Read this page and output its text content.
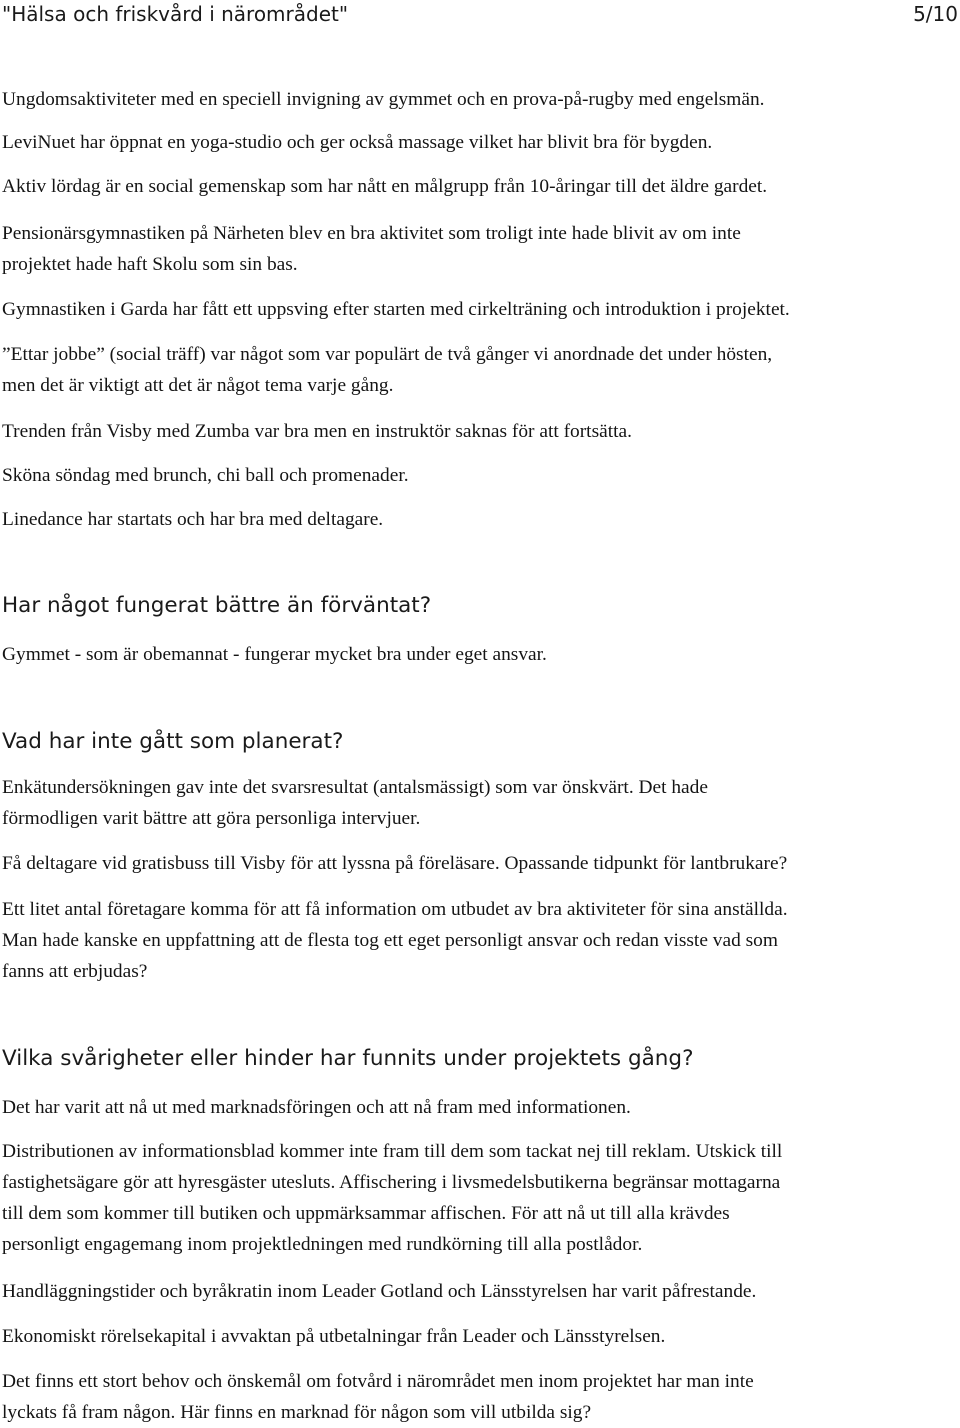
"Hälsa och friskvård i närområdet"	5/10

Ungdomsaktiviteter med en speciell invigning av gymmet och en prova-på-rugby med engelsmän.

LeviNuet har öppnat en yoga-studio och ger också massage vilket har blivit bra för bygden.

Aktiv lördag är en social gemenskap som har nått en målgrupp från 10-åringar till det äldre gardet.

Pensionärsgymnastiken på Närheten blev en bra aktivitet som troligt inte hade blivit av om inte
projektet hade haft Skolu som sin bas.

Gymnastiken i Garda har fått ett uppsving efter starten med cirkelträning och introduktion i projektet.

”Ettar jobbe” (social träff) var något som var populärt de två gånger vi anordnade det under hösten,
men det är viktigt att det är något tema varje gång.

Trenden från Visby med Zumba var bra men en instruktör saknas för att fortsätta.

Sköna söndag med brunch, chi ball och promenader.

Linedance har startats och har bra med deltagare.

Har något fungerat bättre än förväntat?

Gymmet - som är obemannat - fungerar mycket bra under eget ansvar.

Vad har inte gått som planerat?

Enkätundersökningen gav inte det svarsresultat (antalsmässigt) som var önskvärt. Det hade
förmodligen varit bättre att göra personliga intervjuer.

Få deltagare vid gratisbuss till Visby för att lyssna på föreläsare. Opassande tidpunkt för lantbrukare?

Ett litet antal företagare komma för att få information om utbudet av bra aktiviteter för sina anställda.
Man hade kanske en uppfattning att de flesta tog ett eget personligt ansvar och redan visste vad som
fanns att erbjudas?

Vilka svårigheter eller hinder har funnits under projektets gång?

Det har varit att nå ut med marknadsföringen och att nå fram med informationen.

Distributionen av informationsblad kommer inte fram till dem som tackat nej till reklam. Utskick till
fastighetsägare gör att hyresgäster utesluts. Affischering i livsmedelsbutikerna begränsar mottagarna
till dem som kommer till butiken och uppmärksammar affischen. För att nå ut till alla krävdes
personligt engagemang inom projektledningen med rundkörning till alla postlådor.

Handläggningstider och byråkratin inom Leader Gotland och Länsstyrelsen har varit påfrestande.

Ekonomiskt rörelsekapital i avvaktan på utbetalningar från Leader och Länsstyrelsen.

Det finns ett stort behov och önskemål om fotvård i närområdet men inom projektet har man inte
lyckats få fram någon. Här finns en marknad för någon som vill utbilda sig?
